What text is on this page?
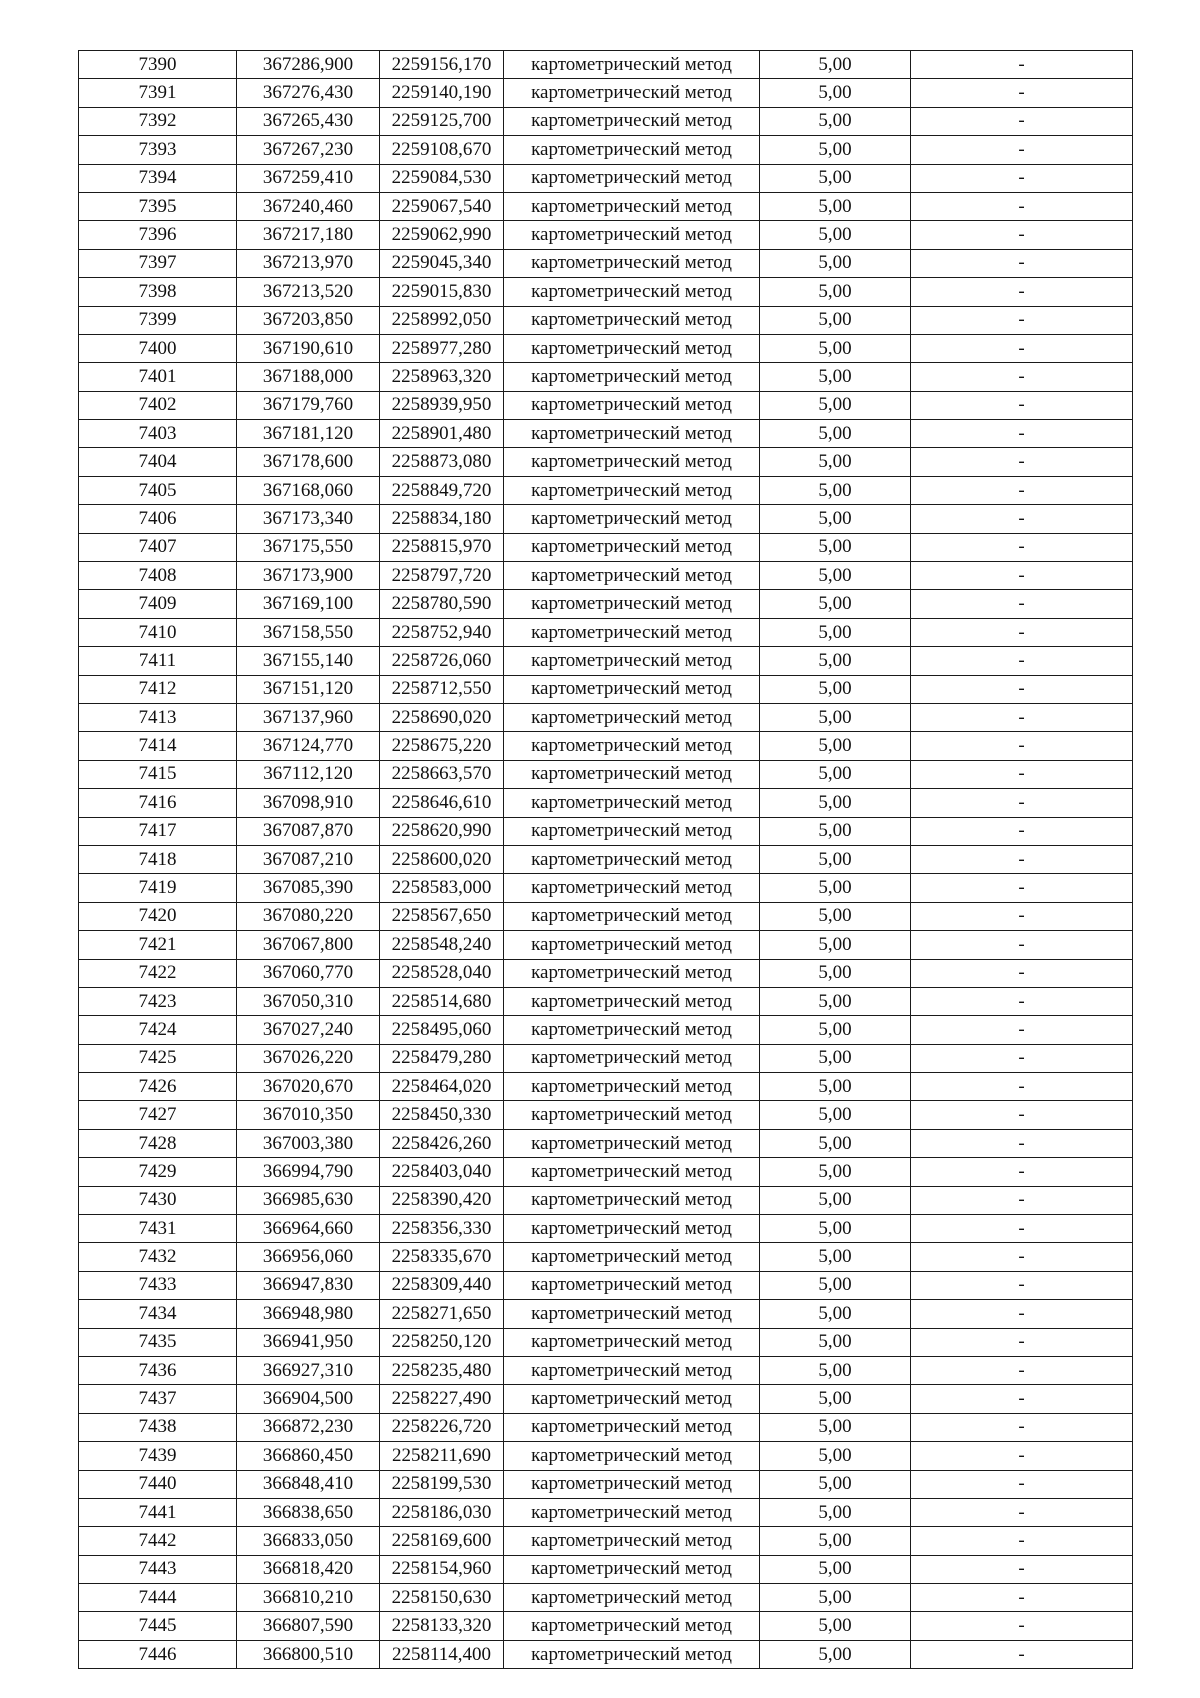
7390	367286,900	2259156,170	картометрический метод	5,00	-
7391	367276,430	2259140,190	картометрический метод	5,00	-
7392	367265,430	2259125,700	картометрический метод	5,00	-
7393	367267,230	2259108,670	картометрический метод	5,00	-
7394	367259,410	2259084,530	картометрический метод	5,00	-
7395	367240,460	2259067,540	картометрический метод	5,00	-
7396	367217,180	2259062,990	картометрический метод	5,00	-
7397	367213,970	2259045,340	картометрический метод	5,00	-
7398	367213,520	2259015,830	картометрический метод	5,00	-
7399	367203,850	2258992,050	картометрический метод	5,00	-
7400	367190,610	2258977,280	картометрический метод	5,00	-
7401	367188,000	2258963,320	картометрический метод	5,00	-
7402	367179,760	2258939,950	картометрический метод	5,00	-
7403	367181,120	2258901,480	картометрический метод	5,00	-
7404	367178,600	2258873,080	картометрический метод	5,00	-
7405	367168,060	2258849,720	картометрический метод	5,00	-
7406	367173,340	2258834,180	картометрический метод	5,00	-
7407	367175,550	2258815,970	картометрический метод	5,00	-
7408	367173,900	2258797,720	картометрический метод	5,00	-
7409	367169,100	2258780,590	картометрический метод	5,00	-
7410	367158,550	2258752,940	картометрический метод	5,00	-
7411	367155,140	2258726,060	картометрический метод	5,00	-
7412	367151,120	2258712,550	картометрический метод	5,00	-
7413	367137,960	2258690,020	картометрический метод	5,00	-
7414	367124,770	2258675,220	картометрический метод	5,00	-
7415	367112,120	2258663,570	картометрический метод	5,00	-
7416	367098,910	2258646,610	картометрический метод	5,00	-
7417	367087,870	2258620,990	картометрический метод	5,00	-
7418	367087,210	2258600,020	картометрический метод	5,00	-
7419	367085,390	2258583,000	картометрический метод	5,00	-
7420	367080,220	2258567,650	картометрический метод	5,00	-
7421	367067,800	2258548,240	картометрический метод	5,00	-
7422	367060,770	2258528,040	картометрический метод	5,00	-
7423	367050,310	2258514,680	картометрический метод	5,00	-
7424	367027,240	2258495,060	картометрический метод	5,00	-
7425	367026,220	2258479,280	картометрический метод	5,00	-
7426	367020,670	2258464,020	картометрический метод	5,00	-
7427	367010,350	2258450,330	картометрический метод	5,00	-
7428	367003,380	2258426,260	картометрический метод	5,00	-
7429	366994,790	2258403,040	картометрический метод	5,00	-
7430	366985,630	2258390,420	картометрический метод	5,00	-
7431	366964,660	2258356,330	картометрический метод	5,00	-
7432	366956,060	2258335,670	картометрический метод	5,00	-
7433	366947,830	2258309,440	картометрический метод	5,00	-
7434	366948,980	2258271,650	картометрический метод	5,00	-
7435	366941,950	2258250,120	картометрический метод	5,00	-
7436	366927,310	2258235,480	картометрический метод	5,00	-
7437	366904,500	2258227,490	картометрический метод	5,00	-
7438	366872,230	2258226,720	картометрический метод	5,00	-
7439	366860,450	2258211,690	картометрический метод	5,00	-
7440	366848,410	2258199,530	картометрический метод	5,00	-
7441	366838,650	2258186,030	картометрический метод	5,00	-
7442	366833,050	2258169,600	картометрический метод	5,00	-
7443	366818,420	2258154,960	картометрический метод	5,00	-
7444	366810,210	2258150,630	картометрический метод	5,00	-
7445	366807,590	2258133,320	картометрический метод	5,00	-
7446	366800,510	2258114,400	картометрический метод	5,00	-
